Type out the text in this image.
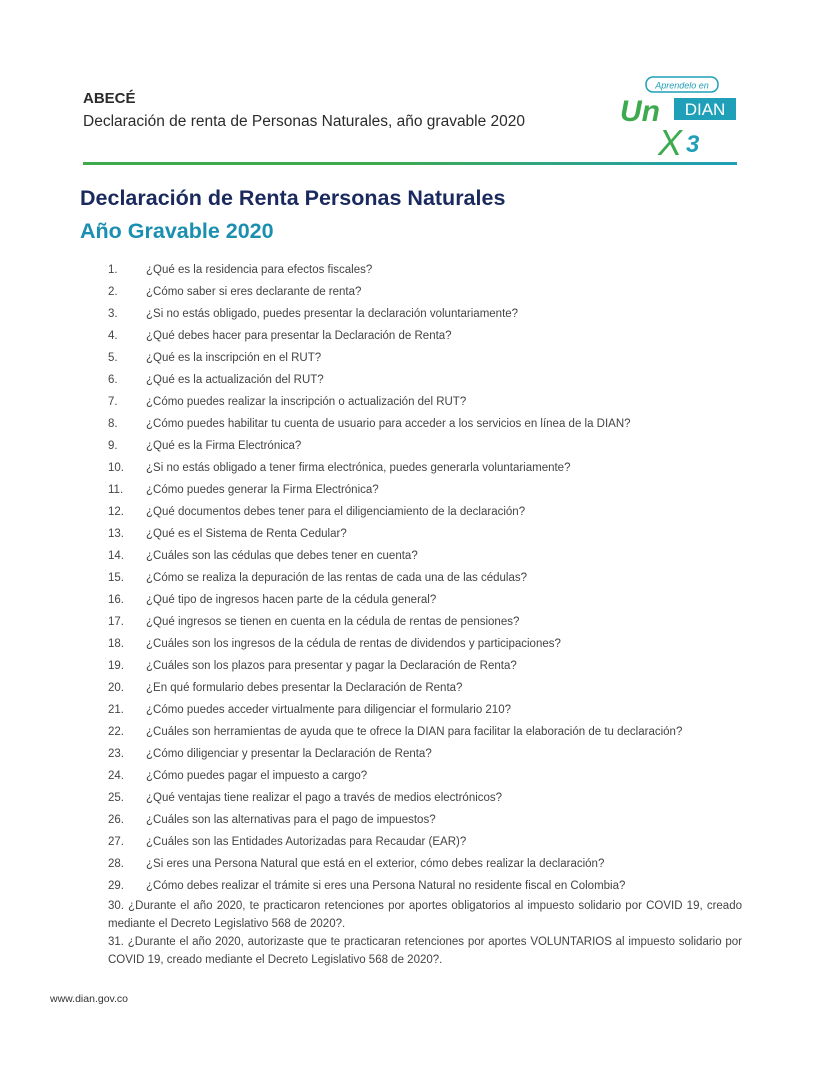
ABECÉ
Declaración de renta de Personas Naturales, año gravable 2020
Aprendelo en
Un DIAN
X 3
Declaración de Renta Personas Naturales
Año Gravable 2020
1. ¿Qué es la residencia para efectos fiscales?
2. ¿Cómo saber si eres declarante de renta?
3. ¿Si no estás obligado, puedes presentar la declaración voluntariamente?
4. ¿Qué debes hacer para presentar la Declaración de Renta?
5. ¿Qué es la inscripción en el RUT?
6. ¿Qué es la actualización del RUT?
7. ¿Cómo puedes realizar la inscripción o actualización del RUT?
8. ¿Cómo puedes habilitar tu cuenta de usuario para acceder a los servicios en línea de la DIAN?
9. ¿Qué es la Firma Electrónica?
10. ¿Si no estás obligado a tener firma electrónica, puedes generarla voluntariamente?
11. ¿Cómo puedes generar la Firma Electrónica?
12. ¿Qué documentos debes tener para el diligenciamiento de la declaración?
13. ¿Qué es el Sistema de Renta Cedular?
14. ¿Cuáles son las cédulas que debes tener en cuenta?
15. ¿Cómo se realiza la depuración de las rentas de cada una de las cédulas?
16. ¿Qué tipo de ingresos hacen parte de la cédula general?
17. ¿Qué ingresos se tienen en cuenta en la cédula de rentas de pensiones?
18. ¿Cuáles son los ingresos de la cédula de rentas de dividendos y participaciones?
19. ¿Cuáles son los plazos para presentar y pagar la Declaración de Renta?
20. ¿En qué formulario debes presentar la Declaración de Renta?
21. ¿Cómo puedes acceder virtualmente para diligenciar el formulario 210?
22. ¿Cuáles son herramientas de ayuda que te ofrece la DIAN para facilitar la elaboración de tu declaración?
23. ¿Cómo diligenciar y presentar la Declaración de Renta?
24. ¿Cómo puedes pagar el impuesto a cargo?
25. ¿Qué ventajas tiene realizar el pago a través de medios electrónicos?
26. ¿Cuáles son las alternativas para el pago de impuestos?
27. ¿Cuáles son las Entidades Autorizadas para Recaudar (EAR)?
28. ¿Si eres una Persona Natural que está en el exterior, cómo debes realizar la declaración?
29. ¿Cómo debes realizar el trámite si eres una Persona Natural no residente fiscal en Colombia?

30. ¿Durante el año 2020, te practicaron retenciones por aportes obligatorios al impuesto solidario por COVID 19, creado mediante el Decreto Legislativo 568 de 2020?.

31. ¿Durante el año 2020, autorizaste que te practicaran retenciones por aportes VOLUNTARIOS al impuesto solidario por COVID 19, creado mediante el Decreto Legislativo 568 de 2020?.

www.dian.gov.co
